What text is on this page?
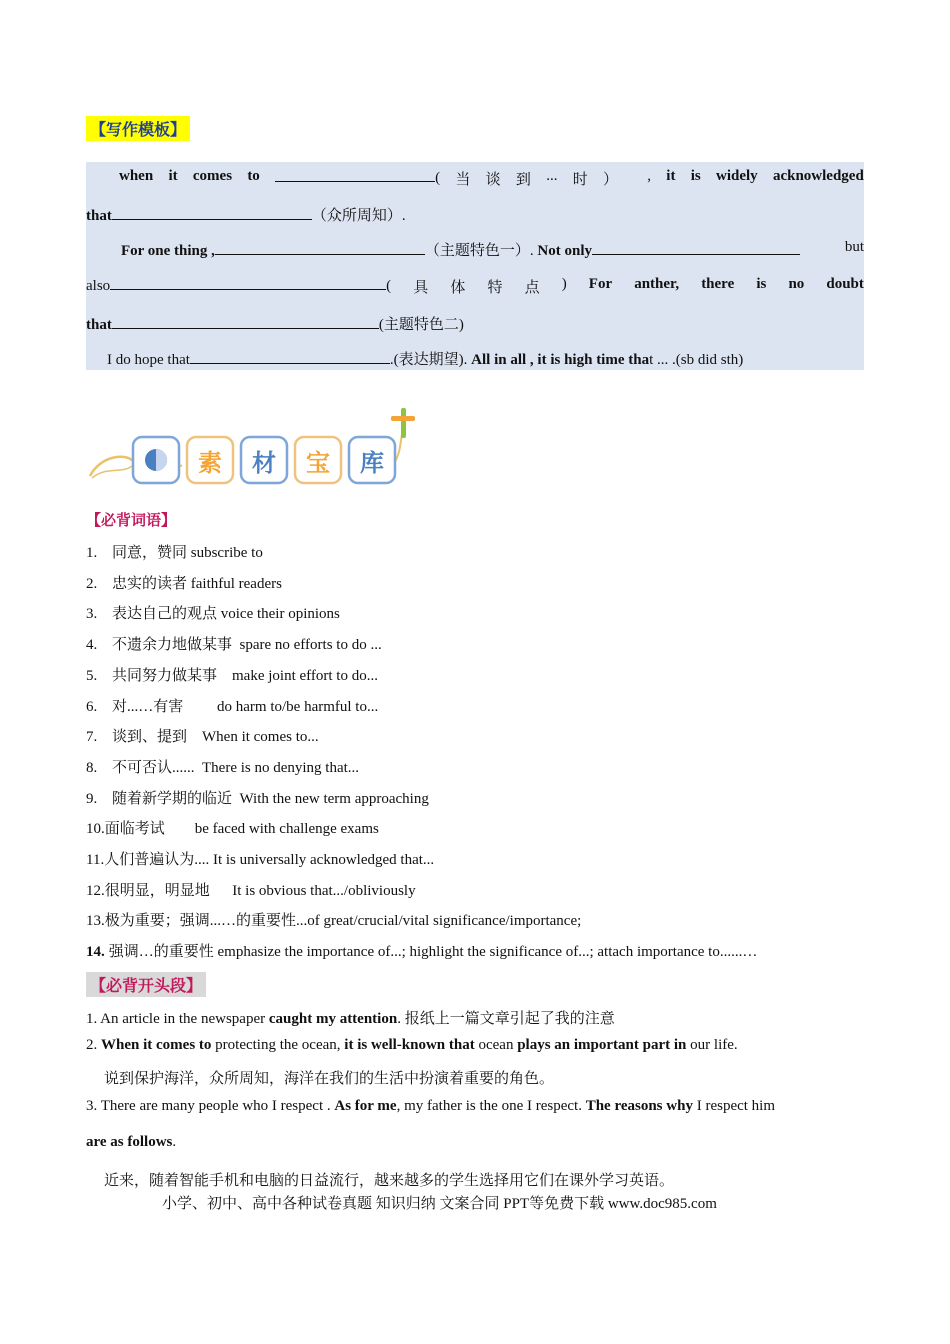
【写作模板】
when it comes to	( 当 谈 到 ... 时 ） , it is widely acknowledged
that	（众所周知）.
For one thing ,	（主题特色一）. Not only	but
also	( 具 体 特 点 ) For anther, there is no doubt
that	(主题特色二)
I do hope that	.(表达期望). All in all , it is high time that ... .(sb did sth)
素 材 宝 库
【必背词语】
1. 同意，赞同 subscribe to
2. 忠实的读者 faithful readers
3. 表达自己的观点 voice their opinions
4. 不遗余力地做某事  spare no efforts to do ...
5. 共同努力做某事    make joint effort to do...
6. 对...…有害         do harm to/be harmful to...
7. 谈到、提到    When it comes to...
8. 不可否认......  There is no denying that...
9. 随着新学期的临近  With the new term approaching
10.面临考试        be faced with challenge exams
11.人们普遍认为.... It is universally acknowledged that...
12.很明显，明显地      It is obvious that.../obliviously
13.极为重要；强调...…的重要性...of great/crucial/vital significance/importance;
14. 强调…的重要性 emphasize the importance of...; highlight the significance of...; attach importance to......…
【必背开头段】
1. An article in the newspaper caught my attention. 报纸上一篇文章引起了我的注意
2. When it comes to protecting the ocean, it is well-known that ocean plays an important part in our life.
说到保护海洋，众所周知，海洋在我们的生活中扮演着重要的角色。
3. There are many people who I respect . As for me, my father is the one I respect. The reasons why I respect him
are as follows.
近来，随着智能手机和电脑的日益流行，越来越多的学生选择用它们在课外学习英语。
小学、初中、高中各种试卷真题 知识归纳 文案合同 PPT等免费下载 www.doc985.com
